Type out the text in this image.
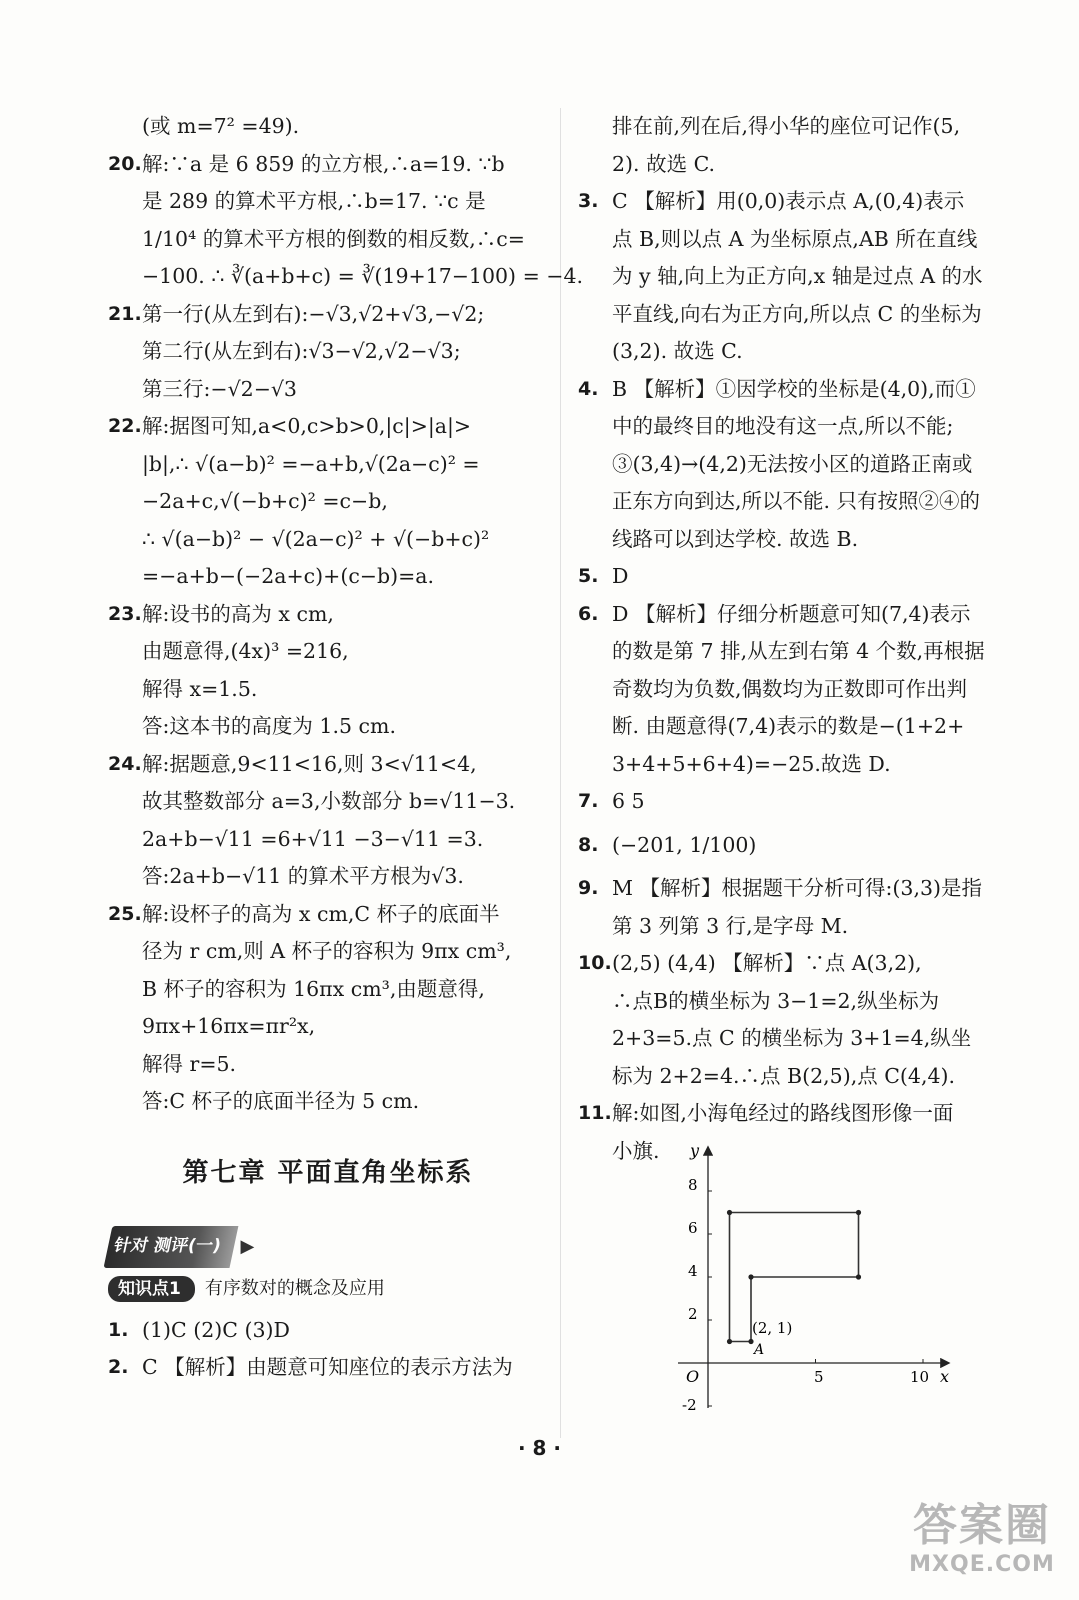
(或 m=7² =49).
20. 解:∵a 是 6 859 的立方根,∴a=19. ∵b
是 289 的算术平方根,∴b=17. ∵c 是
1/10⁴ 的算术平方根的倒数的相反数,∴c=
−100. ∴ ∛(a+b+c) = ∛(19+17−100) = −4.
21. 第一行(从左到右):−√3,√2+√3,−√2;
第二行(从左到右):√3−√2,√2−√3;
第三行:−√2−√3
22. 解:据图可知,a<0,c>b>0,|c|>|a|>
|b|,∴ √(a−b)² =−a+b,√(2a−c)² =
−2a+c,√(−b+c)² =c−b,
∴ √(a−b)² − √(2a−c)² + √(−b+c)²
=−a+b−(−2a+c)+(c−b)=a.
23. 解:设书的高为 x cm,
由题意得,(4x)³ =216,
解得 x=1.5.
答:这本书的高度为 1.5 cm.
24. 解:据题意,9<11<16,则 3<√11<4,
故其整数部分 a=3,小数部分 b=√11−3.
2a+b−√11 =6+√11 −3−√11 =3.
答:2a+b−√11 的算术平方根为√3.
25. 解:设杯子的高为 x cm,C 杯子的底面半
径为 r cm,则 A 杯子的容积为 9πx cm³,
B 杯子的容积为 16πx cm³,由题意得,
9πx+16πx=πr²x,
解得 r=5.
答:C 杯子的底面半径为 5 cm.
第七章 平面直角坐标系
针对 测评(一) ▶
知识点1	有序数对的概念及应用
1. (1)C (2)C (3)D
2. C 【解析】由题意可知座位的表示方法为
排在前,列在后,得小华的座位可记作(5,
2). 故选 C.
3. C 【解析】用(0,0)表示点 A,(0,4)表示
点 B,则以点 A 为坐标原点,AB 所在直线
为 y 轴,向上为正方向,x 轴是过点 A 的水
平直线,向右为正方向,所以点 C 的坐标为
(3,2). 故选 C.
4. B 【解析】①因学校的坐标是(4,0),而①
中的最终目的地没有这一点,所以不能;
③(3,4)→(4,2)无法按小区的道路正南或
正东方向到达,所以不能. 只有按照②④的
线路可以到达学校. 故选 B.
5. D
6. D 【解析】仔细分析题意可知(7,4)表示
的数是第 7 排,从左到右第 4 个数,再根据
奇数均为负数,偶数均为正数即可作出判
断. 由题意得(7,4)表示的数是−(1+2+
3+4+5+6+4)=−25.故选 D.
7. 6 5
8. (−201, 1/100)
9. M 【解析】根据题干分析可得:(3,3)是指
第 3 列第 3 行,是字母 M.
10. (2,5) (4,4) 【解析】∵点 A(3,2),
∴点B的横坐标为 3−1=2,纵坐标为
2+3=5.点 C 的横坐标为 3+1=4,纵坐
标为 2+2=4.∴点 B(2,5),点 C(4,4).
11. 解:如图,小海龟经过的路线图形像一面
小旗.
O	x
y
5	10
8
6
4
2
-2
(2, 1)
A
· 8 ·
答案圈
MXQE.COM
